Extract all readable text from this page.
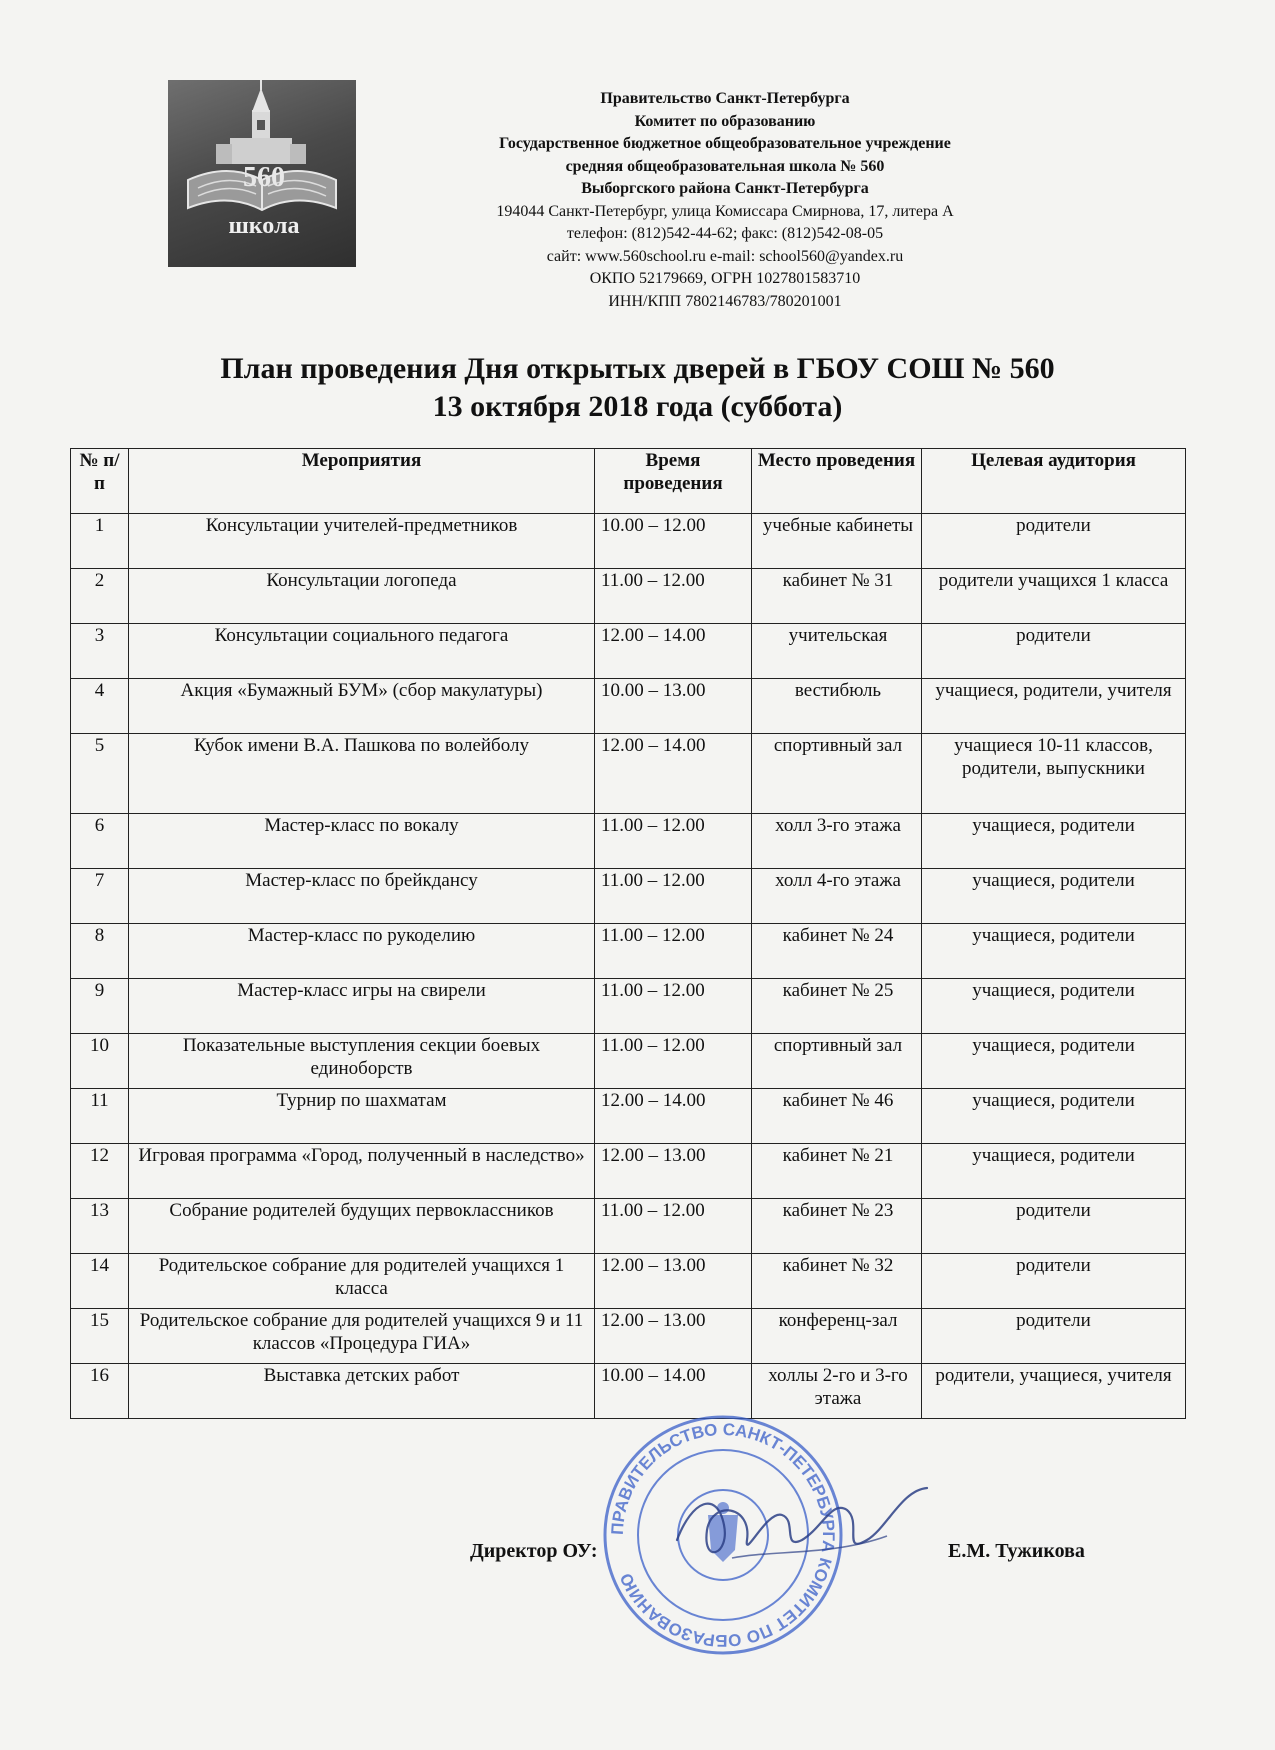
560
школа
Правительство Санкт-Петербурга
Комитет по образованию
Государственное бюджетное общеобразовательное учреждение
средняя общеобразовательная школа № 560
Выборгского района Санкт-Петербурга
194044 Санкт-Петербург, улица Комиссара Смирнова, 17, литера А
телефон: (812)542-44-62; факс: (812)542-08-05
сайт: www.560school.ru e-mail: school560@yandex.ru
ОКПО 52179669, ОГРН 1027801583710
ИНН/КПП 7802146783/780201001
План проведения Дня открытых дверей в ГБОУ СОШ № 560
13 октября 2018 года (суббота)
№ п/п	Мероприятия	Время проведения	Место проведения	Целевая аудитория
1	Консультации учителей-предметников	10.00 – 12.00	учебные кабинеты	родители
2	Консультации логопеда	11.00 – 12.00	кабинет № 31	родители учащихся 1 класса
3	Консультации социального педагога	12.00 – 14.00	учительская	родители
4	Акция «Бумажный БУМ» (сбор макулатуры)	10.00 – 13.00	вестибюль	учащиеся, родители, учителя
5	Кубок имени В.А. Пашкова по волейболу	12.00 – 14.00	спортивный зал	учащиеся 10-11 классов, родители, выпускники
6	Мастер-класс по вокалу	11.00 – 12.00	холл 3-го этажа	учащиеся, родители
7	Мастер-класс по брейкдансу	11.00 – 12.00	холл 4-го этажа	учащиеся, родители
8	Мастер-класс по рукоделию	11.00 – 12.00	кабинет № 24	учащиеся, родители
9	Мастер-класс игры на свирели	11.00 – 12.00	кабинет № 25	учащиеся, родители
10	Показательные выступления секции боевых единоборств	11.00 – 12.00	спортивный зал	учащиеся, родители
11	Турнир по шахматам	12.00 – 14.00	кабинет № 46	учащиеся, родители
12	Игровая программа «Город, полученный в наследство»	12.00 – 13.00	кабинет № 21	учащиеся, родители
13	Собрание родителей будущих первоклассников	11.00 – 12.00	кабинет № 23	родители
14	Родительское собрание для родителей учащихся 1 класса	12.00 – 13.00	кабинет № 32	родители
15	Родительское собрание для родителей учащихся 9 и 11 классов «Процедура ГИА»	12.00 – 13.00	конференц-зал	родители
16	Выставка детских работ	10.00 – 14.00	холлы 2-го и 3-го этажа	родители, учащиеся, учителя
ПРАВИТЕЛЬСТВО САНКТ-ПЕТЕРБУРГА КОМИТЕТ ПО ОБРАЗОВАНИЮ
Директор ОУ:	Е.М. Тужикова
